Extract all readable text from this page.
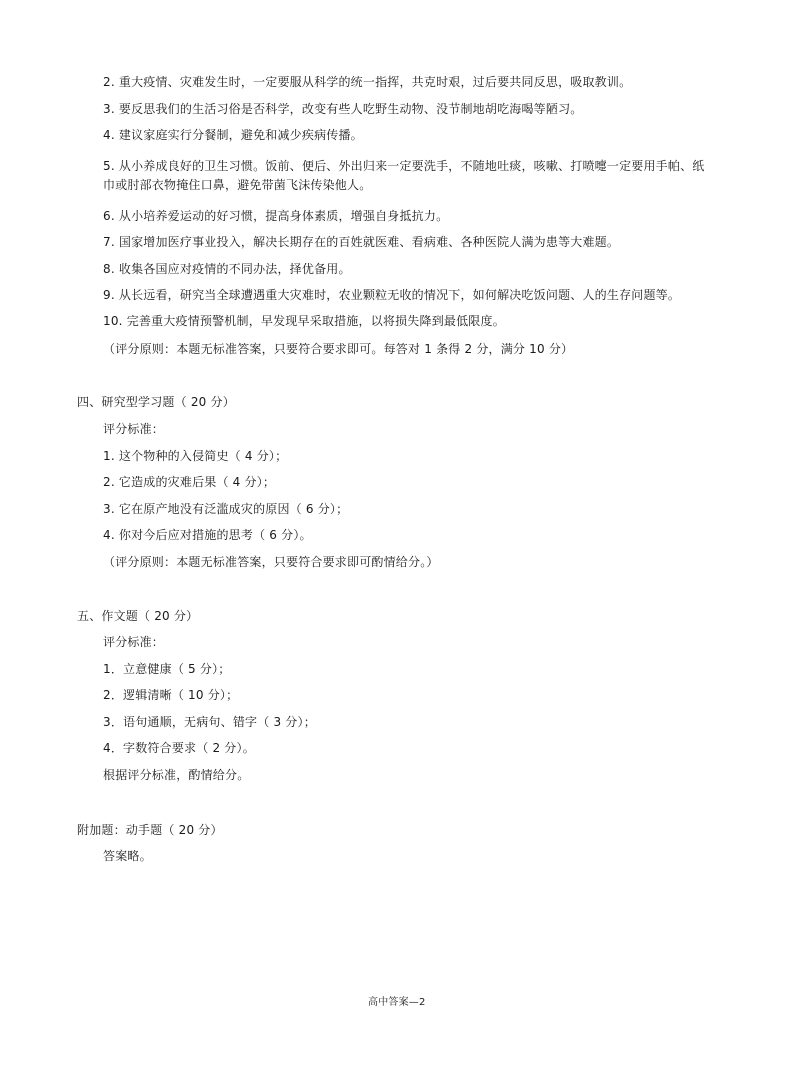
2. 重大疫情、灾难发生时，一定要服从科学的统一指挥，共克时艰，过后要共同反思，吸取教训。
3. 要反思我们的生活习俗是否科学，改变有些人吃野生动物、没节制地胡吃海喝等陋习。
4. 建议家庭实行分餐制，避免和减少疾病传播。
5. 从小养成良好的卫生习惯。饭前、便后、外出归来一定要洗手，不随地吐痰，咳嗽、打喷嚏一定要用手帕、纸巾或肘部衣物掩住口鼻，避免带菌飞沫传染他人。
6. 从小培养爱运动的好习惯，提高身体素质，增强自身抵抗力。
7. 国家增加医疗事业投入，解决长期存在的百姓就医难、看病难、各种医院人满为患等大难题。
8. 收集各国应对疫情的不同办法，择优备用。
9. 从长远看，研究当全球遭遇重大灾难时，农业颗粒无收的情况下，如何解决吃饭问题、人的生存问题等。
10. 完善重大疫情预警机制，早发现早采取措施，以将损失降到最低限度。
（评分原则：本题无标准答案，只要符合要求即可。每答对 1 条得 2 分，满分 10 分）
四、研究型学习题（ 20 分）
评分标准：
1. 这个物种的入侵简史（ 4 分）；
2. 它造成的灾难后果（ 4 分）；
3. 它在原产地没有泛滥成灾的原因（ 6 分）；
4. 你对今后应对措施的思考（ 6 分）。
（评分原则：本题无标准答案，只要符合要求即可酌情给分。）
五、作文题（ 20 分）
评分标准：
1．立意健康（ 5 分）；
2．逻辑清晰（ 10 分）；
3．语句通顺，无病句、错字（ 3 分）；
4．字数符合要求（ 2 分）。
根据评分标准，酌情给分。
附加题：动手题（ 20 分）
答案略。
高中答案—2
